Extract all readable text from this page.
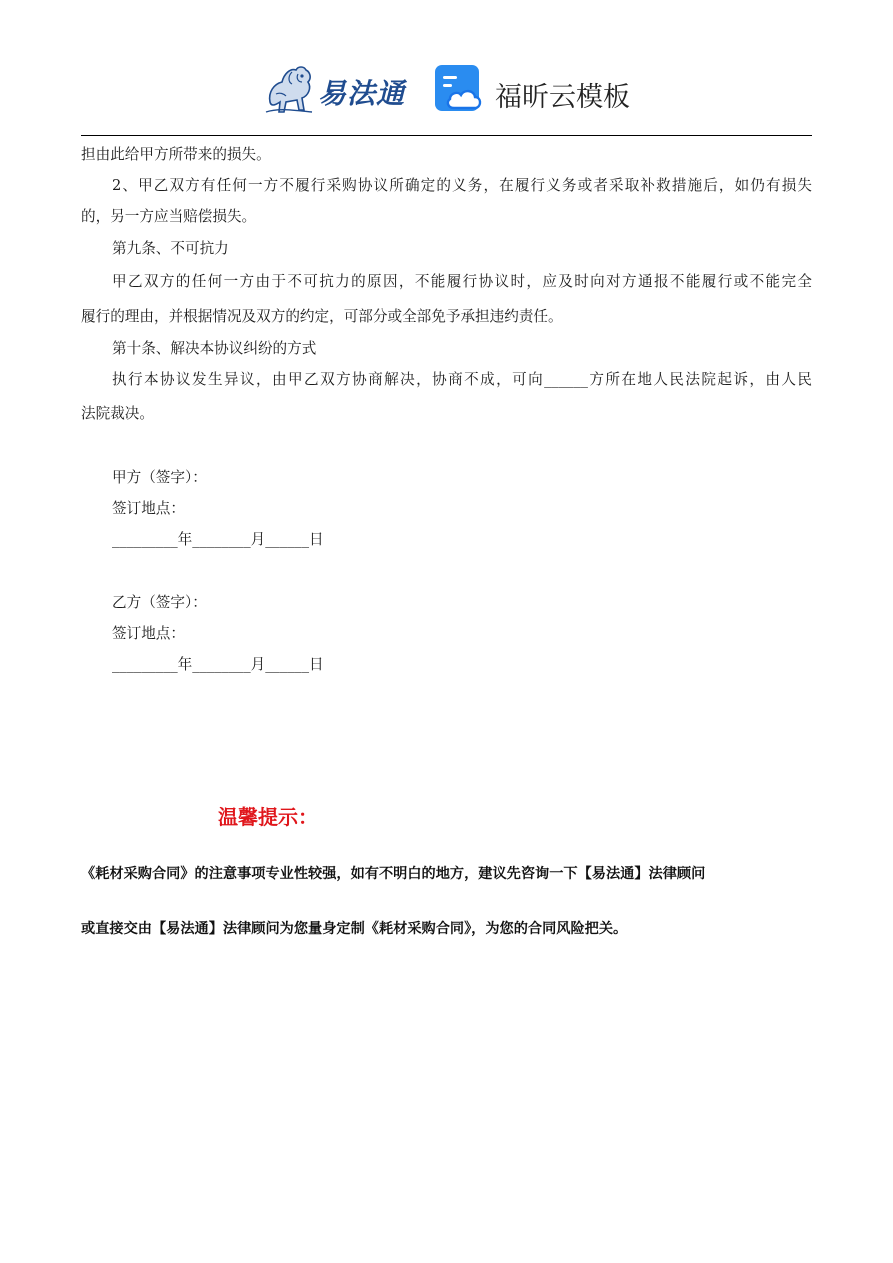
易法通	福昕云模板
担由此给甲方所带来的损失。
2、甲乙双方有任何一方不履行采购协议所确定的义务，在履行义务或者采取补救措施后，如仍有损失
的，另一方应当赔偿损失。
第九条、不可抗力
甲乙双方的任何一方由于不可抗力的原因，不能履行协议时，应及时向对方通报不能履行或不能完全
履行的理由，并根据情况及双方的约定，可部分或全部免予承担违约责任。
第十条、解决本协议纠纷的方式
执行本协议发生异议，由甲乙双方协商解决，协商不成，可向______方所在地人民法院起诉，由人民
法院裁决。
甲方（签字）：
签订地点：
_________年________月______日
乙方（签字）：
签订地点：
_________年________月______日
温馨提示：
《耗材采购合同》的注意事项专业性较强，如有不明白的地方，建议先咨询一下【易法通】法律顾问
或直接交由【易法通】法律顾问为您量身定制《耗材采购合同》，为您的合同风险把关。
